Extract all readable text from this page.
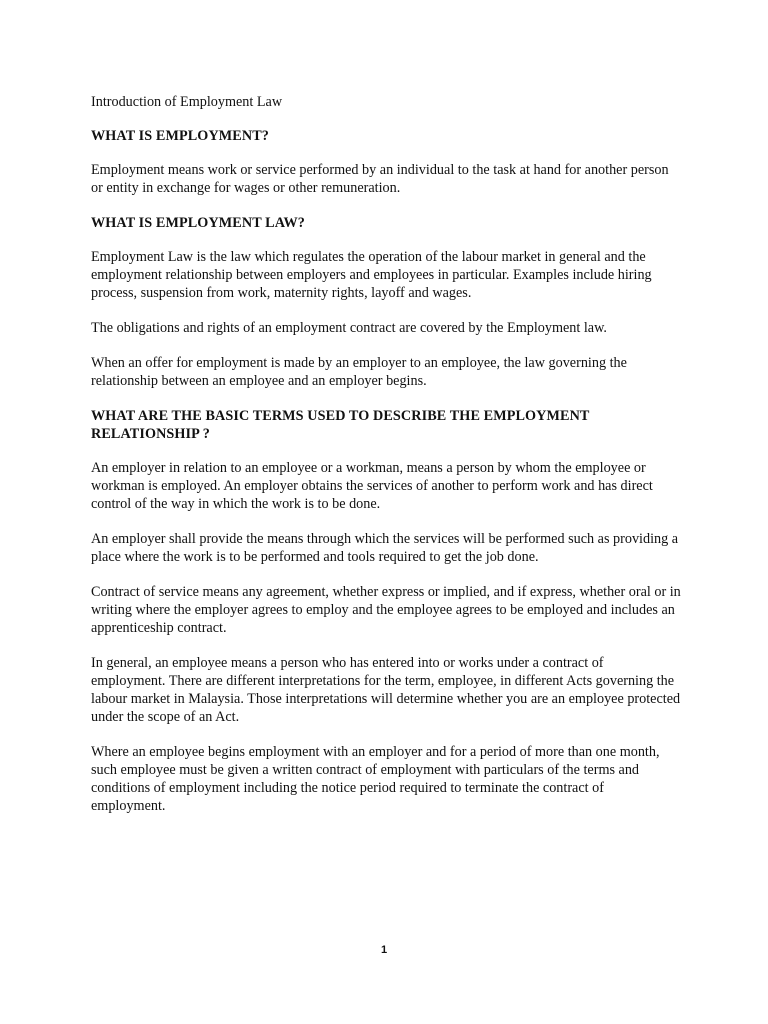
Introduction of Employment Law

WHAT IS EMPLOYMENT?

Employment means work or service performed by an individual to the task at hand for another person or entity in exchange for wages or other remuneration.

WHAT IS EMPLOYMENT LAW?

Employment Law is the law which regulates the operation of the labour market in general and the employment relationship between employers and employees in particular. Examples include hiring process, suspension from work, maternity rights, layoff and wages.

The obligations and rights of an employment contract are covered by the Employment law.

When an offer for employment is made by an employer to an employee, the law governing the relationship between an employee and an employer begins.

WHAT ARE THE BASIC TERMS USED TO DESCRIBE THE EMPLOYMENT RELATIONSHIP ?

An employer in relation to an employee or a workman, means a person by whom the employee or workman is employed. An employer obtains the services of another to perform work and has direct control of the way in which the work is to be done.

An employer shall provide the means through which the services will be performed such as providing a place where the work is to be performed and tools required to get the job done.

Contract of service means any agreement, whether express or implied, and if express, whether oral or in writing where the employer agrees to employ and the employee agrees to be employed and includes an apprenticeship contract.

In general, an employee means a person who has entered into or works under a contract of employment. There are different interpretations for the term, employee, in different Acts governing the labour market in Malaysia. Those interpretations will determine whether you are an employee protected under the scope of an Act.

Where an employee begins employment with an employer and for a period of more than one month, such employee must be given a written contract of employment with particulars of the terms and conditions of employment including the notice period required to terminate the contract of employment.

1
